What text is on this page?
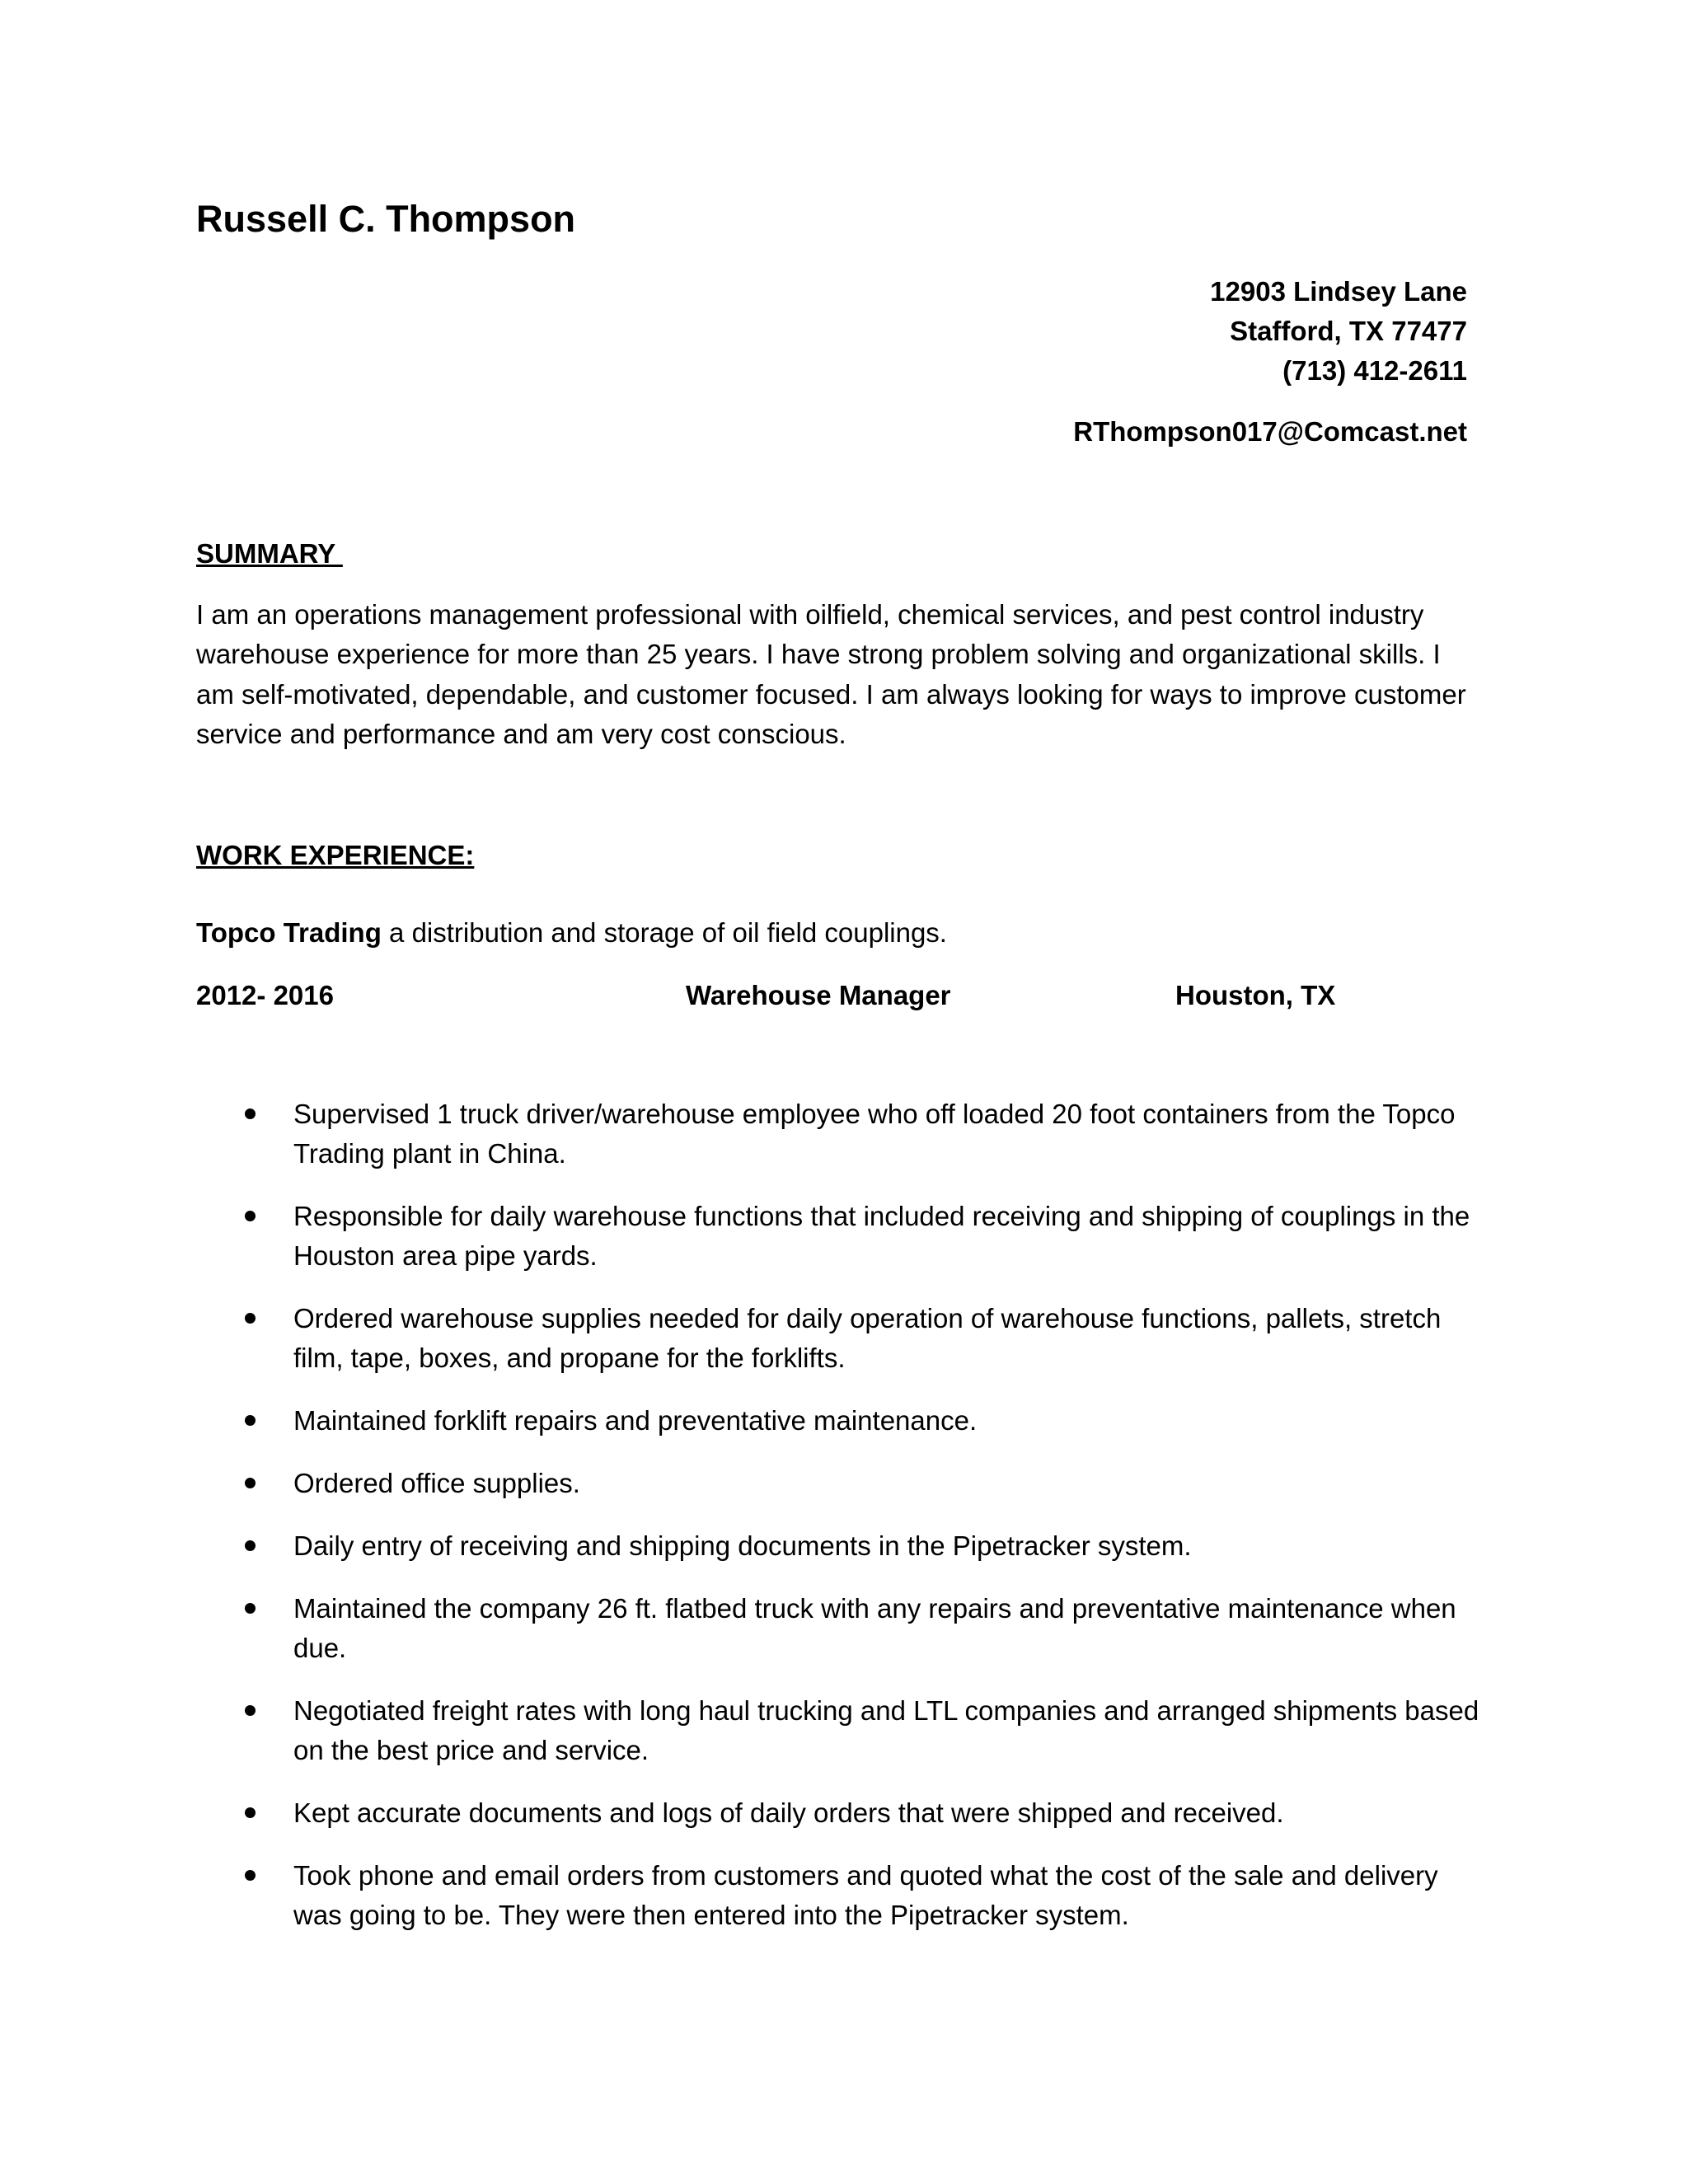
Russell C. Thompson
12903 Lindsey Lane
Stafford, TX 77477
(713) 412-2611
RThompson017@Comcast.net
SUMMARY
I am an operations management professional with oilfield, chemical services, and pest control industry warehouse experience for more than 25 years. I have strong problem solving and organizational skills. I am self-motivated, dependable, and customer focused. I am always looking for ways to improve customer service and performance and am very cost conscious.
WORK EXPERIENCE:
Topco Trading a distribution and storage of oil field couplings.
2012- 2016	Warehouse Manager	Houston, TX
Supervised 1 truck driver/warehouse employee who off loaded 20 foot containers from the Topco Trading plant in China.
Responsible for daily warehouse functions that included receiving and shipping of couplings in the Houston area pipe yards.
Ordered warehouse supplies needed for daily operation of warehouse functions, pallets, stretch film, tape, boxes, and propane for the forklifts.
Maintained forklift repairs and preventative maintenance.
Ordered office supplies.
Daily entry of receiving and shipping documents in the Pipetracker system.
Maintained the company 26 ft. flatbed truck with any repairs and preventative maintenance when due.
Negotiated freight rates with long haul trucking and LTL companies and arranged shipments based on the best price and service.
Kept accurate documents and logs of daily orders that were shipped and received.
Took phone and email orders from customers and quoted what the cost of the sale and delivery was going to be. They were then entered into the Pipetracker system.
